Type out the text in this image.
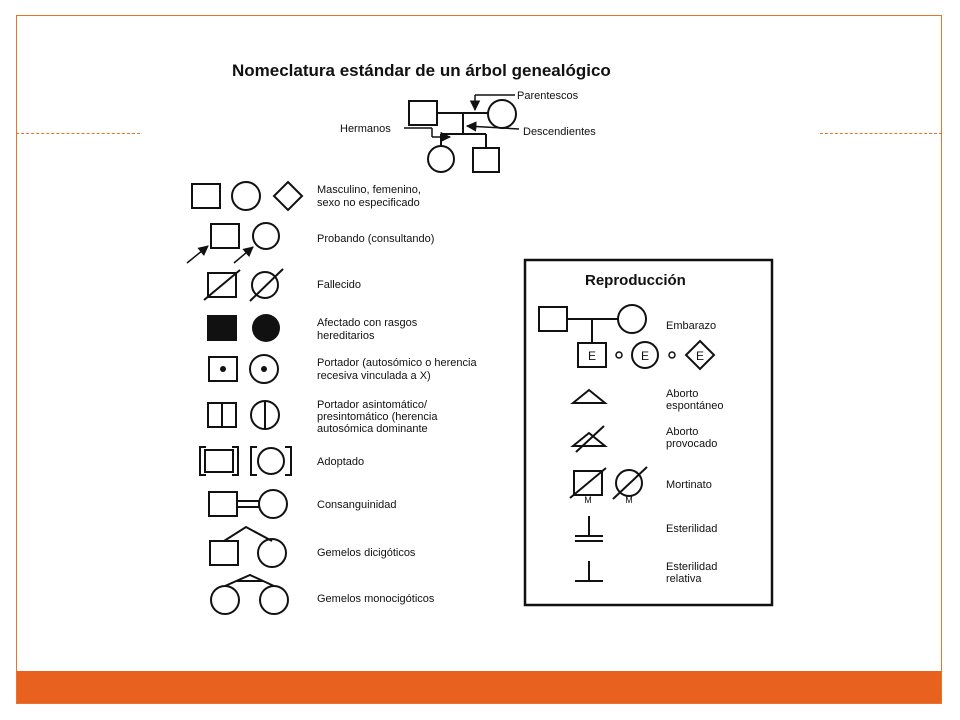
Nomeclatura estándar de un árbol genealógico
Parentescos
Hermanos	Descendientes
Masculino, femenino, sexo no especificado
Probando (consultando)
Fallecido
Afectado con rasgos hereditarios
Portador (autosómico o herencia recesiva vinculada a X)
Portador asintomático/ presintomático (herencia autosómica dominante
Adoptado
Consanguinidad
Gemelos dicigóticos
Gemelos monocigóticos
Reproducción
E	E	E
M	M
Embarazo
Aborto espontáneo
Aborto provocado
Mortinato
Esterilidad
Esterilidad relativa
